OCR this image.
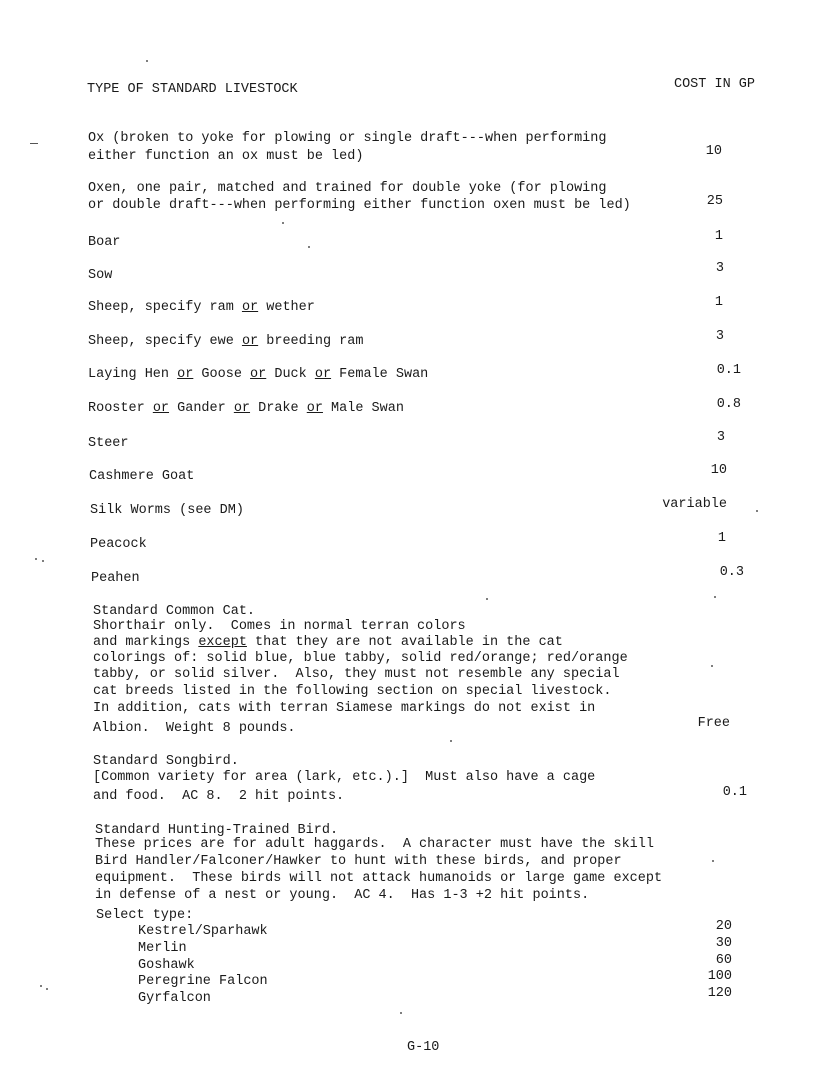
TYPE OF STANDARD LIVESTOCK	COST IN GP
Ox (broken to yoke for plowing or single draft---when performing
either function an ox must be led)	10
Oxen, one pair, matched and trained for double yoke (for plowing
or double draft---when performing either function oxen must be led)	25
Boar	1
Sow	3
Sheep, specify ram or wether	1
Sheep, specify ewe or breeding ram	3
Laying Hen or Goose or Duck or Female Swan	0.1
Rooster or Gander or Drake or Male Swan	0.8
Steer	3
Cashmere Goat	10
Silk Worms (see DM)	variable
Peacock	1
Peahen	0.3
Standard Common Cat.
Shorthair only.  Comes in normal terran colors
and markings except that they are not available in the cat
colorings of: solid blue, blue tabby, solid red/orange; red/orange
tabby, or solid silver.  Also, they must not resemble any special
cat breeds listed in the following section on special livestock.
In addition, cats with terran Siamese markings do not exist in
Albion.  Weight 8 pounds.	Free
Standard Songbird.
[Common variety for area (lark, etc.).]  Must also have a cage
and food.  AC 8.  2 hit points.	0.1
Standard Hunting-Trained Bird.
These prices are for adult haggards.  A character must have the skill
Bird Handler/Falconer/Hawker to hunt with these birds, and proper
equipment.  These birds will not attack humanoids or large game except
in defense of a nest or young.  AC 4.  Has 1-3 +2 hit points.
Select type:
Kestrel/Sparhawk	20
Merlin	30
Goshawk	60
Peregrine Falcon	100
Gyrfalcon	120
G-10
